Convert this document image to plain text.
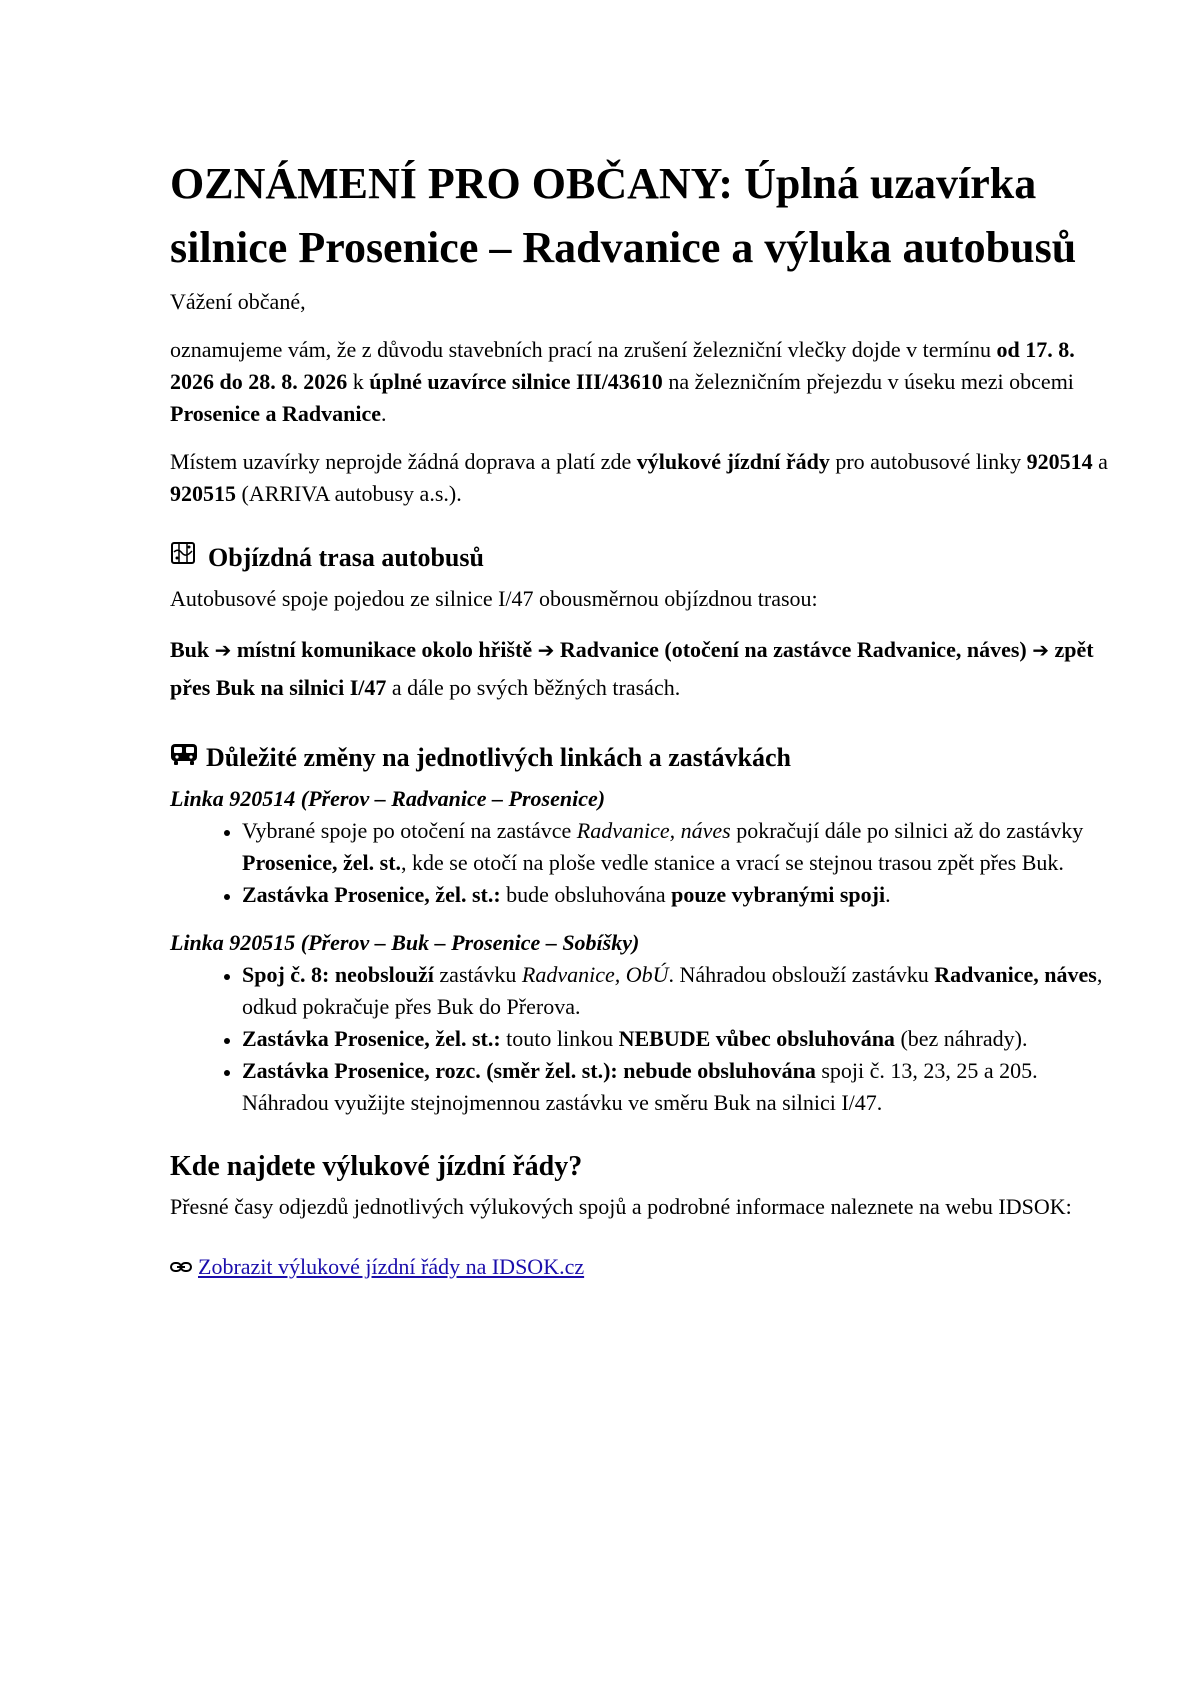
OZNÁMENÍ PRO OBČANY: Úplná uzavírka silnice Prosenice – Radvanice a výluka autobusů

Vážení občané,

oznamujeme vám, že z důvodu stavebních prací na zrušení železniční vlečky dojde v termínu od 17. 8. 2026 do 28. 8. 2026 k úplné uzavírce silnice III/43610 na železničním přejezdu v úseku mezi obcemi Prosenice a Radvanice.

Místem uzavírky neprojde žádná doprava a platí zde výlukové jízdní řády pro autobusové linky 920514 a 920515 (ARRIVA autobusy a.s.).

Objízdná trasa autobusů

Autobusové spoje pojedou ze silnice I/47 obousměrnou objízdnou trasou:

Buk ➔ místní komunikace okolo hřiště ➔ Radvanice (otočení na zastávce Radvanice, náves) ➔ zpět přes Buk na silnici I/47 a dále po svých běžných trasách.

Důležité změny na jednotlivých linkách a zastávkách

Linka 920514 (Přerov – Radvanice – Prosenice)

• Vybrané spoje po otočení na zastávce Radvanice, náves pokračují dále po silnici až do zastávky Prosenice, žel. st., kde se otočí na ploše vedle stanice a vrací se stejnou trasou zpět přes Buk.
• Zastávka Prosenice, žel. st.: bude obsluhována pouze vybranými spoji.

Linka 920515 (Přerov – Buk – Prosenice – Sobíšky)

• Spoj č. 8: neobslouží zastávku Radvanice, ObÚ. Náhradou obslouží zastávku Radvanice, náves, odkud pokračuje přes Buk do Přerova.
• Zastávka Prosenice, žel. st.: touto linkou NEBUDE vůbec obsluhována (bez náhrady).
• Zastávka Prosenice, rozc. (směr žel. st.): nebude obsluhována spoji č. 13, 23, 25 a 205. Náhradou využijte stejnojmennou zastávku ve směru Buk na silnici I/47.
Kde najdete výlukové jízdní řády?

Přesné časy odjezdů jednotlivých výlukových spojů a podrobné informace naleznete na webu IDSOK:

Zobrazit výlukové jízdní řády na IDSOK.cz
